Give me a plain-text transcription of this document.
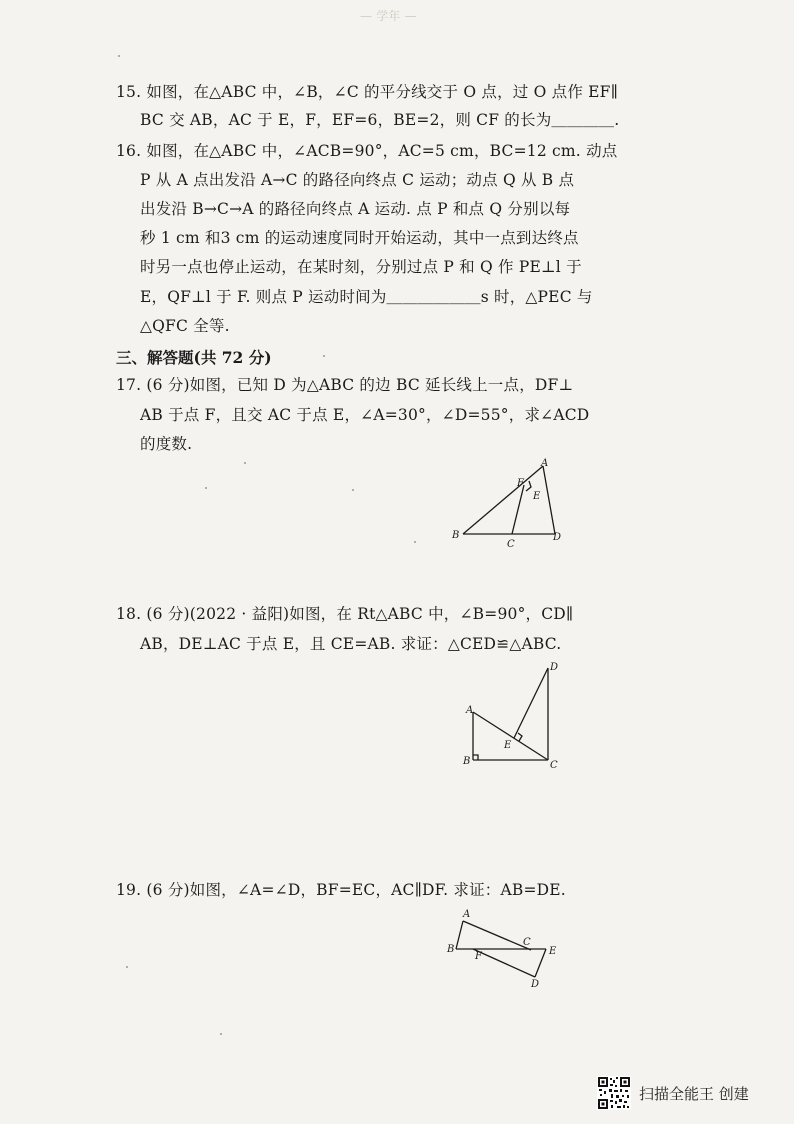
— 学年 —
15. 如图，在△ABC 中，∠B，∠C 的平分线交于 O 点，过 O 点作 EF∥
BC 交 AB，AC 于 E，F，EF=6，BE=2，则 CF 的长为＿＿＿＿.
16. 如图，在△ABC 中，∠ACB=90°，AC=5 cm，BC=12 cm. 动点
P 从 A 点出发沿 A→C 的路径向终点 C 运动；动点 Q 从 B 点
出发沿 B→C→A 的路径向终点 A 运动. 点 P 和点 Q 分别以每
秒 1 cm 和3 cm 的运动速度同时开始运动，其中一点到达终点
时另一点也停止运动，在某时刻，分别过点 P 和 Q 作 PE⊥l 于
E，QF⊥l 于 F. 则点 P 运动时间为＿＿＿＿＿＿s 时，△PEC 与
△QFC 全等.
三、解答题(共 72 分)
17. (6 分)如图，已知 D 为△ABC 的边 BC 延长线上一点，DF⊥
AB 于点 F，且交 AC 于点 E，∠A=30°，∠D=55°，求∠ACD
的度数.
A
F
E
B
C
D
18. (6 分)(2022 · 益阳)如图，在 Rt△ABC 中，∠B=90°，CD∥
AB，DE⊥AC 于点 E，且 CE=AB. 求证：△CED≌△ABC.
A
B	C
D
E
19. (6 分)如图，∠A=∠D，BF=EC，AC∥DF. 求证：AB=DE.
A
B
C
E
F
D
扫描全能王 创建
